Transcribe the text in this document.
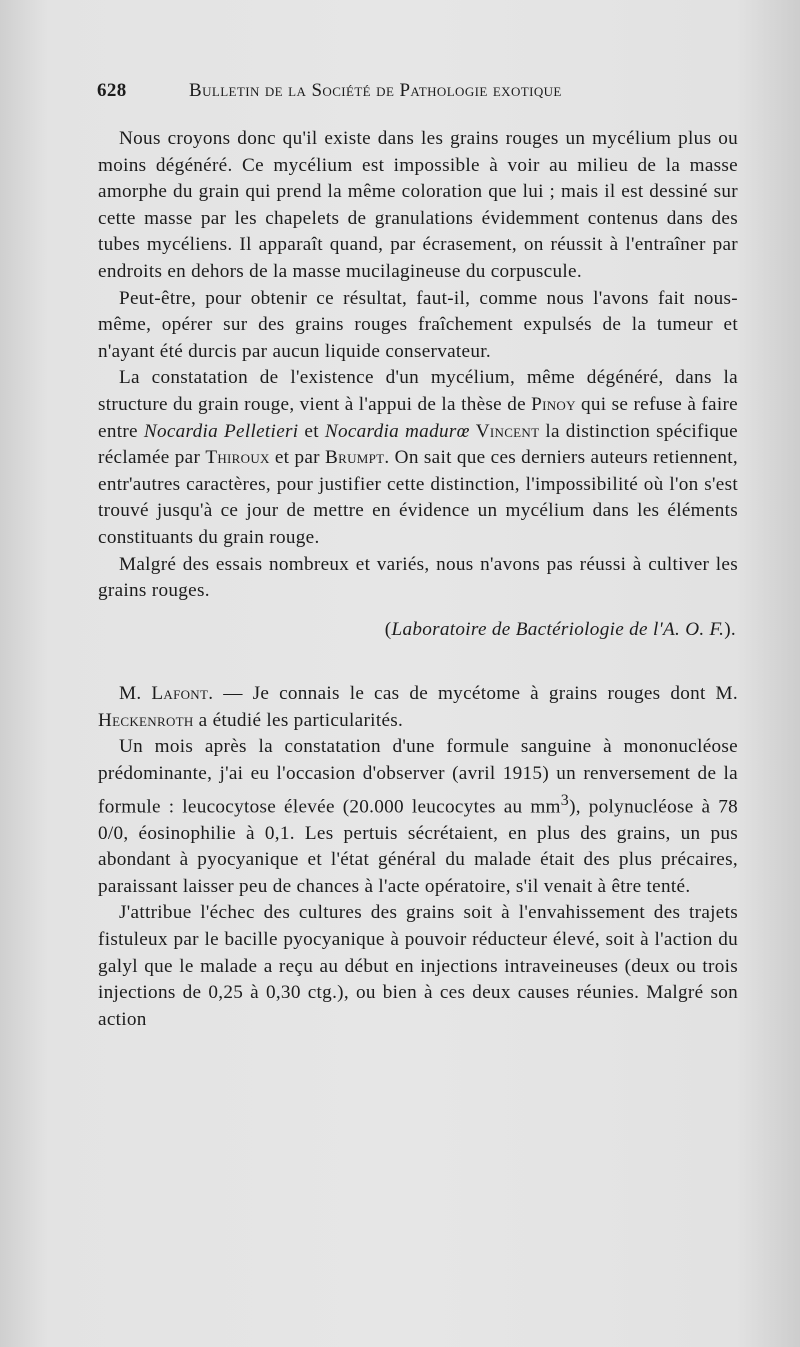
628	Bulletin de la Société de Pathologie exotique

Nous croyons donc qu'il existe dans les grains rouges un mycélium plus ou moins dégénéré. Ce mycélium est impossible à voir au milieu de la masse amorphe du grain qui prend la même coloration que lui ; mais il est dessiné sur cette masse par les chapelets de granulations évidemment contenus dans des tubes mycéliens. Il apparaît quand, par écrasement, on réussit à l'entraîner par endroits en dehors de la masse mucilagineuse du corpuscule.

Peut-être, pour obtenir ce résultat, faut-il, comme nous l'avons fait nous-même, opérer sur des grains rouges fraîchement expulsés de la tumeur et n'ayant été durcis par aucun liquide conservateur.

La constatation de l'existence d'un mycélium, même dégénéré, dans la structure du grain rouge, vient à l'appui de la thèse de Pinoy qui se refuse à faire entre Nocardia Pelletieri et Nocardia madurœ Vincent la distinction spécifique réclamée par Thiroux et par Brumpt. On sait que ces derniers auteurs retiennent, entr'autres caractères, pour justifier cette distinction, l'impossibilité où l'on s'est trouvé jusqu'à ce jour de mettre en évidence un mycélium dans les éléments constituants du grain rouge.

Malgré des essais nombreux et variés, nous n'avons pas réussi à cultiver les grains rouges.

(Laboratoire de Bactériologie de l'A. O. F.).

M. Lafont. — Je connais le cas de mycétome à grains rouges dont M. Heckenroth a étudié les particularités.

Un mois après la constatation d'une formule sanguine à mononucléose prédominante, j'ai eu l'occasion d'observer (avril 1915) un renversement de la formule : leucocytose élevée (20.000 leucocytes au $mm^3$), polynucléose à 78 0/0, éosinophilie à 0,1. Les pertuis sécrétaient, en plus des grains, un pus abondant à pyocyanique et l'état général du malade était des plus précaires, paraissant laisser peu de chances à l'acte opératoire, s'il venait à être tenté.

J'attribue l'échec des cultures des grains soit à l'envahissement des trajets fistuleux par le bacille pyocyanique à pouvoir réducteur élevé, soit à l'action du galyl que le malade a reçu au début en injections intraveineuses (deux ou trois injections de 0,25 à 0,30 ctg.), ou bien à ces deux causes réunies. Malgré son action
